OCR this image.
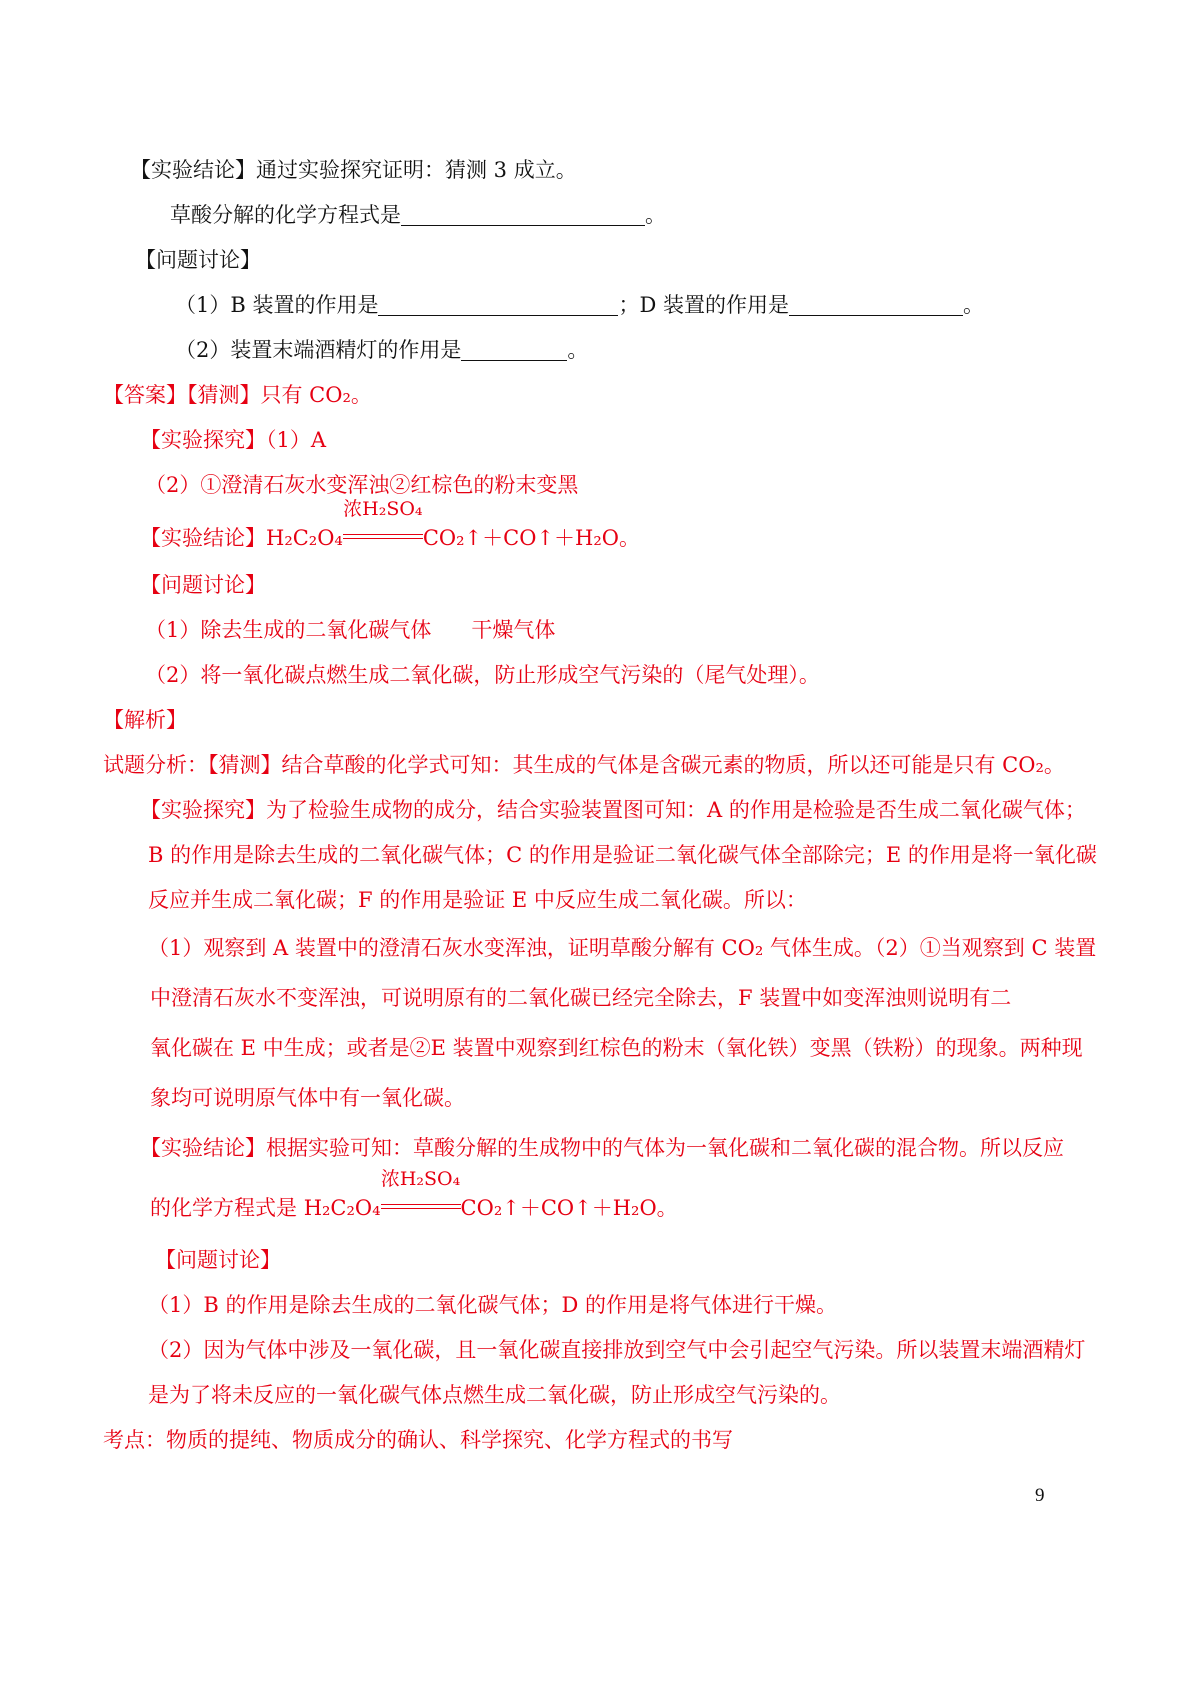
【实验结论】通过实验探究证明：猜测 3 成立。
草酸分解的化学方程式是	。
【问题讨论】
（1）B 装置的作用是	；D 装置的作用是	。
（2）装置末端酒精灯的作用是	。
【答案】【猜测】只有 CO₂。
【实验探究】（1）A
（2）①澄清石灰水变浑浊②红棕色的粉末变黑
【实验结论】H₂C₂O₄
浓H₂SO₄
CO₂↑＋CO↑＋H₂O。
【问题讨论】
（1）除去生成的二氧化碳气体 干燥气体
（2）将一氧化碳点燃生成二氧化碳，防止形成空气污染的（尾气处理）。
【解析】
试题分析：【猜测】结合草酸的化学式可知：其生成的气体是含碳元素的物质，所以还可能是只有 CO₂。
【实验探究】为了检验生成物的成分，结合实验装置图可知：A 的作用是检验是否生成二氧化碳气体；
B 的作用是除去生成的二氧化碳气体；C 的作用是验证二氧化碳气体全部除完；E 的作用是将一氧化碳
反应并生成二氧化碳；F 的作用是验证 E 中反应生成二氧化碳。所以：
（1）观察到 A 装置中的澄清石灰水变浑浊，证明草酸分解有 CO₂ 气体生成。（2）①当观察到 C 装置
中澄清石灰水不变浑浊，可说明原有的二氧化碳已经完全除去，F 装置中如变浑浊则说明有二
氧化碳在 E 中生成；或者是②E 装置中观察到红棕色的粉末（氧化铁）变黑（铁粉）的现象。两种现
象均可说明原气体中有一氧化碳。
【实验结论】根据实验可知：草酸分解的生成物中的气体为一氧化碳和二氧化碳的混合物。所以反应
的化学方程式是 H₂C₂O₄
浓H₂SO₄
CO₂↑＋CO↑＋H₂O。
【问题讨论】
（1）B 的作用是除去生成的二氧化碳气体；D 的作用是将气体进行干燥。
（2）因为气体中涉及一氧化碳，且一氧化碳直接排放到空气中会引起空气污染。所以装置末端酒精灯
是为了将未反应的一氧化碳气体点燃生成二氧化碳，防止形成空气污染的。
考点：物质的提纯、物质成分的确认、科学探究、化学方程式的书写
9
